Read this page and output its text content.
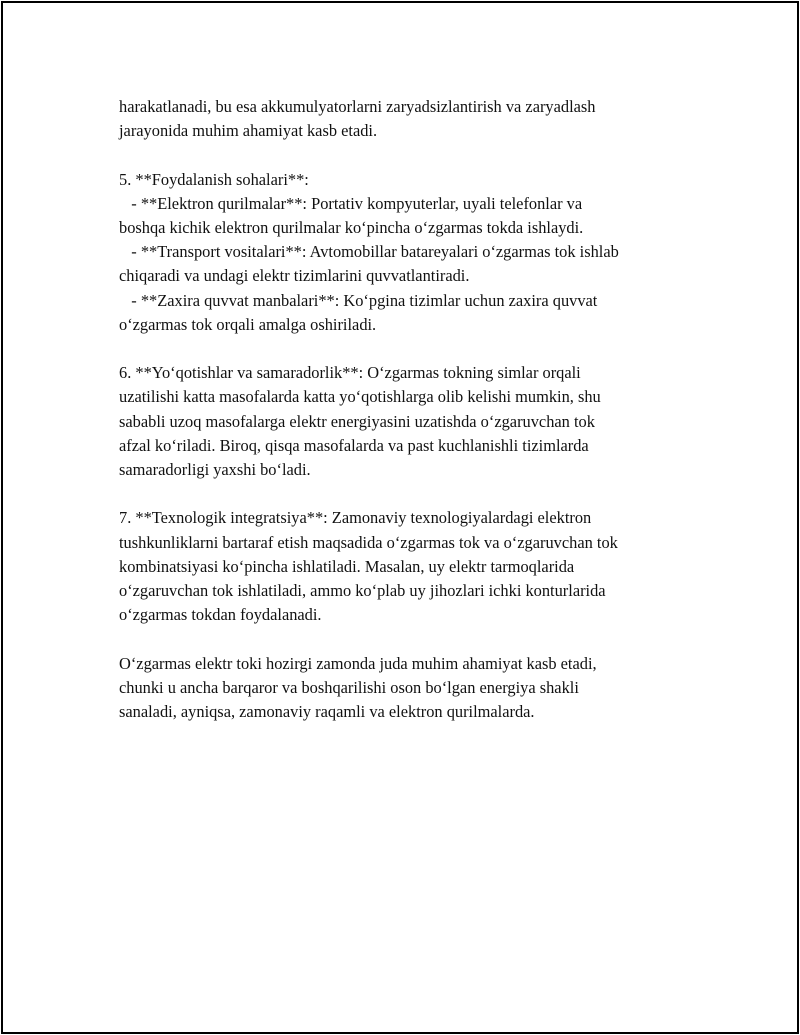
harakatlanadi, bu esa akkumulyatorlarni zaryadsizlantirish va zaryadlash
jarayonida muhim ahamiyat kasb etadi.

5. **Foydalanish sohalari**:
- **Elektron qurilmalar**: Portativ kompyuterlar, uyali telefonlar va
boshqa kichik elektron qurilmalar ko‘pincha o‘zgarmas tokda ishlaydi.
- **Transport vositalari**: Avtomobillar batareyalari o‘zgarmas tok ishlab
chiqaradi va undagi elektr tizimlarini quvvatlantiradi.
- **Zaxira quvvat manbalari**: Ko‘pgina tizimlar uchun zaxira quvvat
o‘zgarmas tok orqali amalga oshiriladi.

6. **Yo‘qotishlar va samaradorlik**: O‘zgarmas tokning simlar orqali
uzatilishi katta masofalarda katta yo‘qotishlarga olib kelishi mumkin, shu
sababli uzoq masofalarga elektr energiyasini uzatishda o‘zgaruvchan tok
afzal ko‘riladi. Biroq, qisqa masofalarda va past kuchlanishli tizimlarda
samaradorligi yaxshi bo‘ladi.

7. **Texnologik integratsiya**: Zamonaviy texnologiyalardagi elektron
tushkunliklarni bartaraf etish maqsadida o‘zgarmas tok va o‘zgaruvchan tok
kombinatsiyasi ko‘pincha ishlatiladi. Masalan, uy elektr tarmoqlarida
o‘zgaruvchan tok ishlatiladi, ammo ko‘plab uy jihozlari ichki konturlarida
o‘zgarmas tokdan foydalanadi.

O‘zgarmas elektr toki hozirgi zamonda juda muhim ahamiyat kasb etadi,
chunki u ancha barqaror va boshqarilishi oson bo‘lgan energiya shakli
sanaladi, ayniqsa, zamonaviy raqamli va elektron qurilmalarda.
